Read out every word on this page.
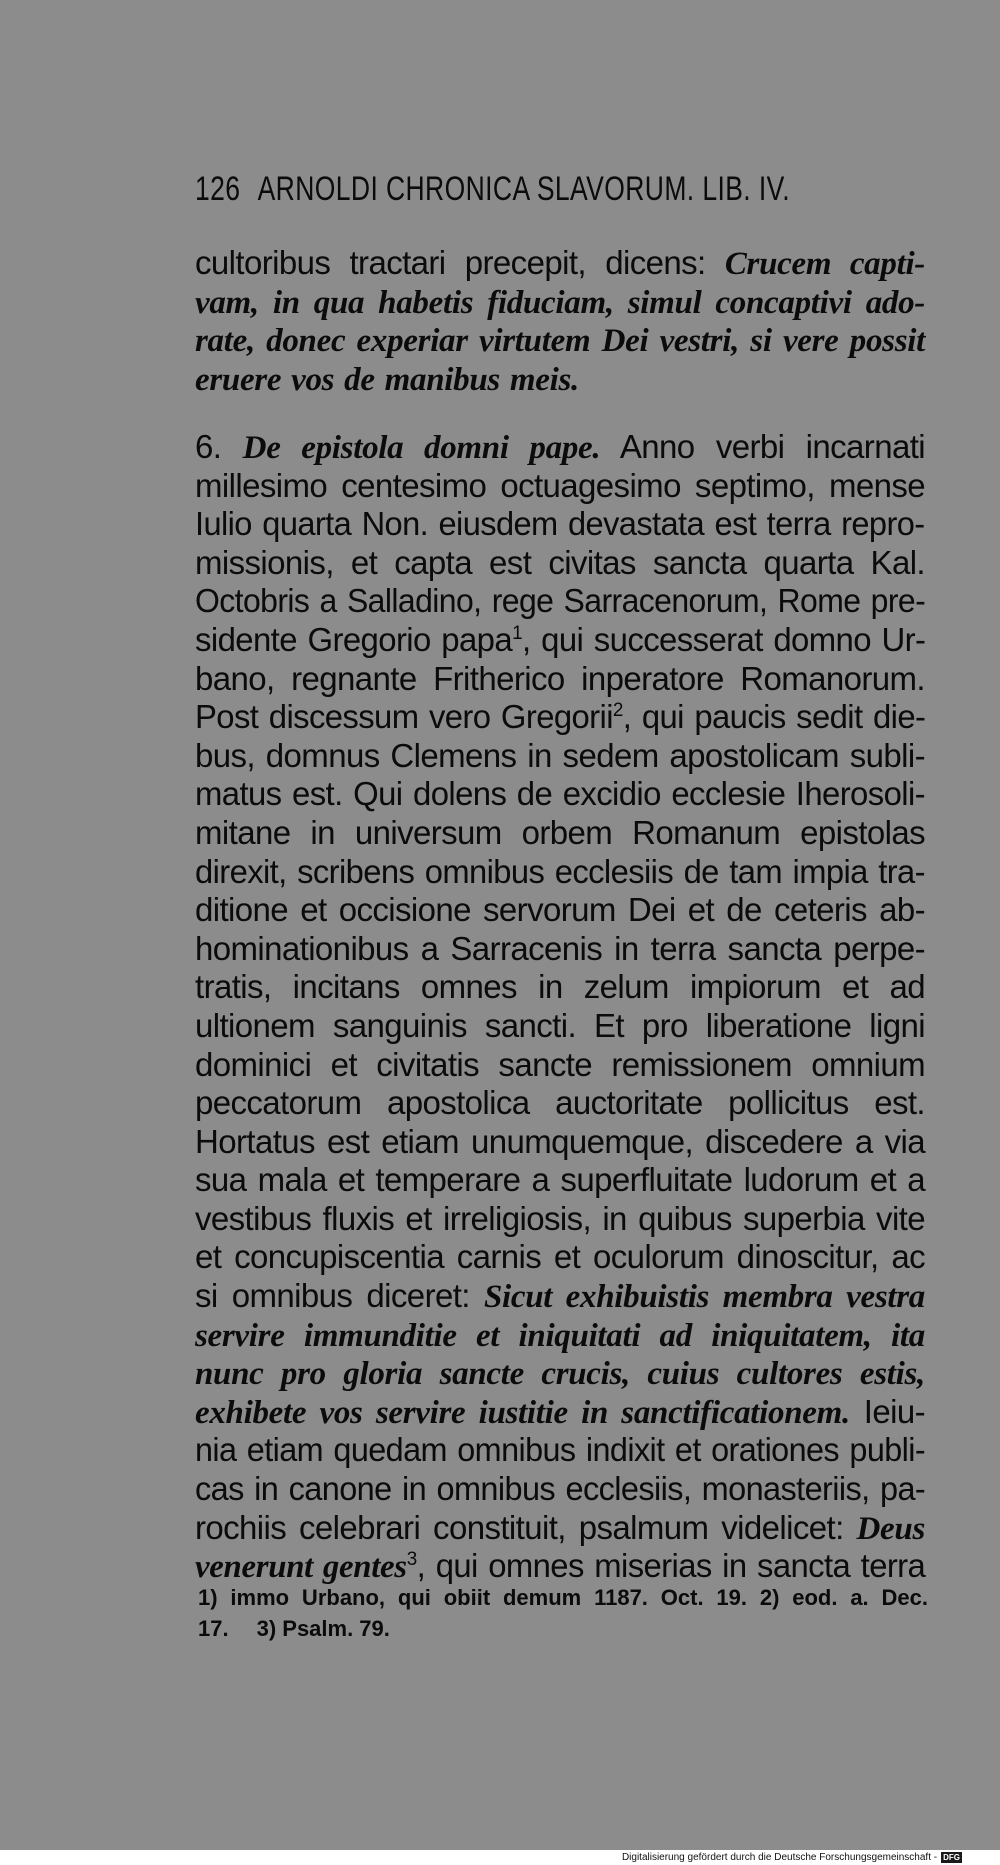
126 ARNOLDI CHRONICA SLAVORUM. LIB. IV.
cultoribus tractari precepit, dicens: Crucem capti-
vam, in qua habetis fiduciam, simul concaptivi ado-
rate, donec experiar virtutem Dei vestri, si vere possit
eruere vos de manibus meis.
6. De epistola domni pape. Anno verbi incarnati
millesimo centesimo octuagesimo septimo, mense
Iulio quarta Non. eiusdem devastata est terra repro-
missionis, et capta est civitas sancta quarta Kal.
Octobris a Salladino, rege Sarracenorum, Rome pre-
sidente Gregorio papa$^1$, qui successerat domno Ur-
bano, regnante Fritherico inperatore Romanorum.
Post discessum vero Gregorii$^2$, qui paucis sedit die-
bus, domnus Clemens in sedem apostolicam subli-
matus est. Qui dolens de excidio ecclesie Iherosoli-
mitane in universum orbem Romanum epistolas
direxit, scribens omnibus ecclesiis de tam impia tra-
ditione et occisione servorum Dei et de ceteris ab-
hominationibus a Sarracenis in terra sancta perpe-
tratis, incitans omnes in zelum impiorum et ad
ultionem sanguinis sancti. Et pro liberatione ligni
dominici et civitatis sancte remissionem omnium
peccatorum apostolica auctoritate pollicitus est.
Hortatus est etiam unumquemque, discedere a via
sua mala et temperare a superfluitate ludorum et a
vestibus fluxis et irreligiosis, in quibus superbia vite
et concupiscentia carnis et oculorum dinoscitur, ac
si omnibus diceret: Sicut exhibuistis membra vestra
servire immunditie et iniquitati ad iniquitatem, ita
nunc pro gloria sancte crucis, cuius cultores estis,
exhibete vos servire iustitie in sanctificationem. Ieiu-
nia etiam quedam omnibus indixit et orationes publi-
cas in canone in omnibus ecclesiis, monasteriis, pa-
rochiis celebrari constituit, psalmum videlicet: Deus
venerunt gentes$^3$, qui omnes miserias in sancta terra
1) immo Urbano, qui obiit demum 1187. Oct. 19. 2) eod. a. Dec.
17. 3) Psalm. 79.
Digitalisierung gefördert durch die Deutsche Forschungsgemeinschaft - DFG
